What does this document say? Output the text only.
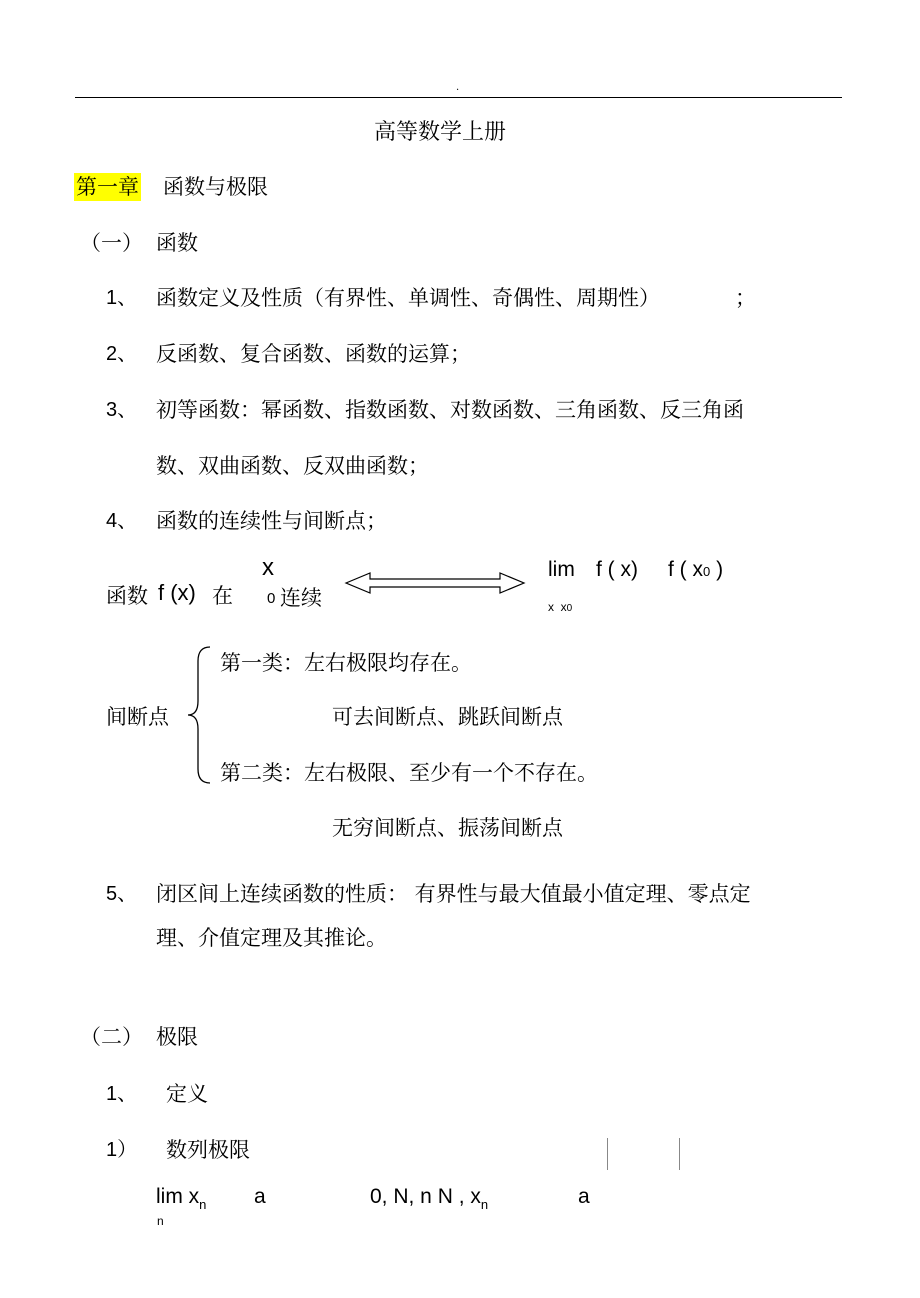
.
高等数学上册
第一章 函数与极限
（一） 函数
1、 函数定义及性质（有界性、单调性、奇偶性、周期性）	；
2、 反函数、复合函数、函数的运算；
3、 初等函数：幂函数、指数函数、对数函数、三角函数、反三角函
数、双曲函数、反双曲函数；
4、 函数的连续性与间断点；
函数 f (x) 在
x
0 连续
lim f ( x) f ( x0 )
x x0
间断点
第一类：左右极限均存在。
可去间断点、跳跃间断点
第二类：左右极限、至少有一个不存在。
无穷间断点、振荡间断点
5、 闭区间上连续函数的性质： 有界性与最大值最小值定理、零点定
理、介值定理及其推论。
（二） 极限
1、 定义
1） 数列极限
$\lim x_n$ a	0, N, n N , $x_n$	a
n
